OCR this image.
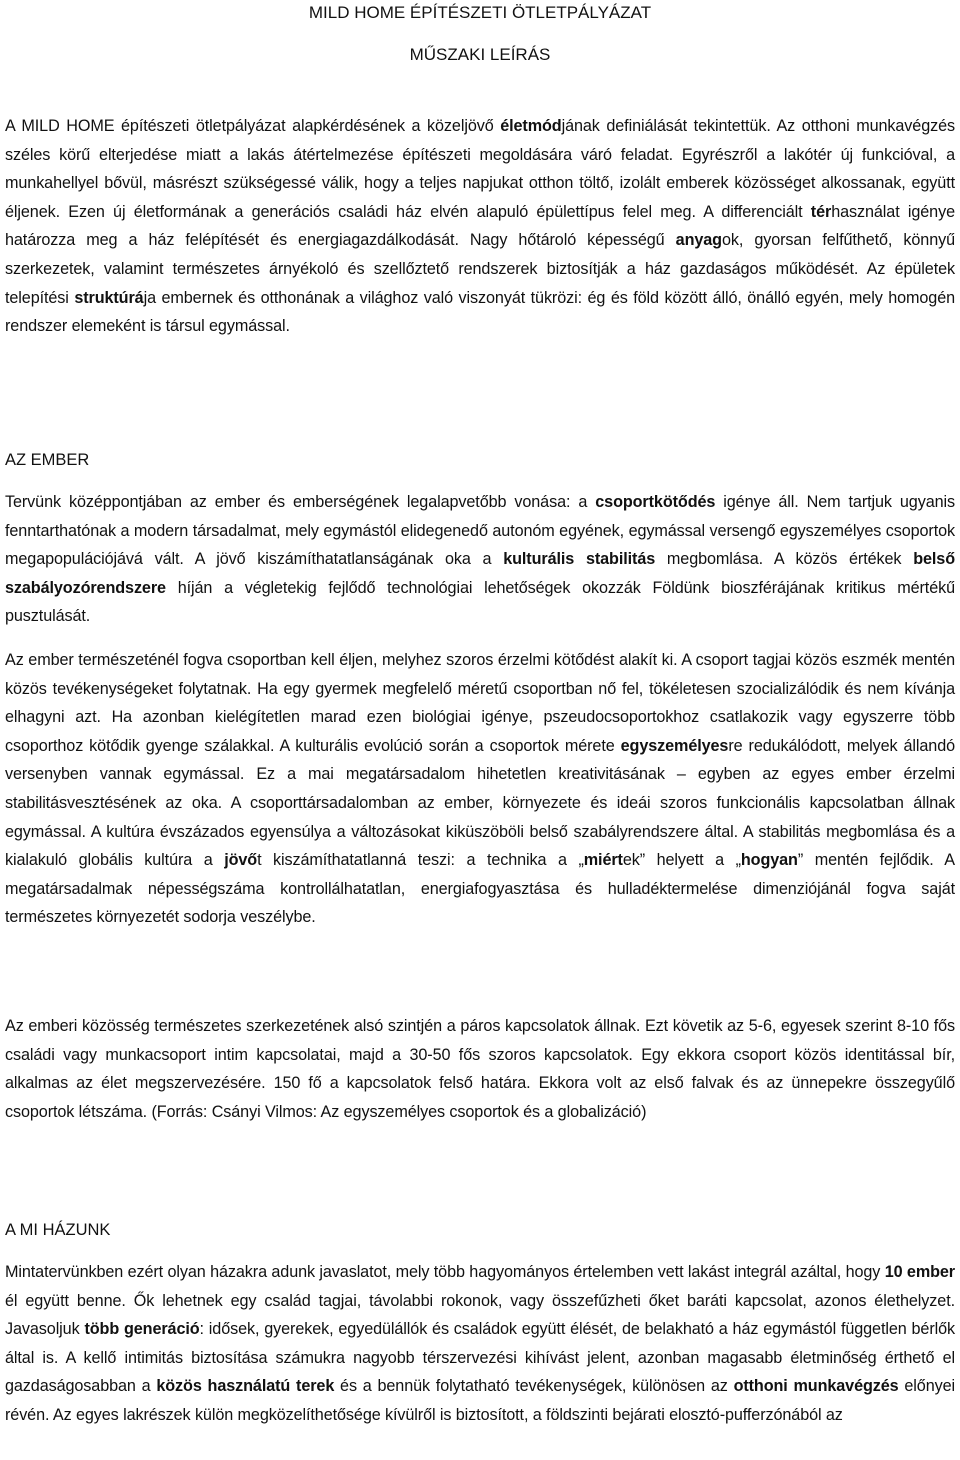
MILD HOME ÉPÍTÉSZETI ÖTLETPÁLYÁZAT
MŰSZAKI LEÍRÁS

A MILD HOME építészeti ötletpályázat alapkérdésének a közeljövő életmódjának definiálását tekintettük. Az otthoni munkavégzés széles körű elterjedése miatt a lakás átértelmezése építészeti megoldására váró feladat. Egyrészről a lakótér új funkcióval, a munkahellyel bővül, másrészt szükségessé válik, hogy a teljes napjukat otthon töltő, izolált emberek közösséget alkossanak, együtt éljenek. Ezen új életformának a generációs családi ház elvén alapuló épülettípus felel meg. A differenciált térhasználat igénye határozza meg a ház felépítését és energiagazdálkodását. Nagy hőtároló képességű anyagok, gyorsan felfűthető, könnyű szerkezetek, valamint természetes árnyékoló és szellőztető rendszerek biztosítják a ház gazdaságos működését. Az épületek telepítési struktúrája embernek és otthonának a világhoz való viszonyát tükrözi: ég és föld között álló, önálló egyén, mely homogén rendszer elemeként is társul egymással.

AZ EMBER

Tervünk középpontjában az ember és emberségének legalapvetőbb vonása: a csoportkötődés igénye áll. Nem tartjuk ugyanis fenntarthatónak a modern társadalmat, mely egymástól elidegenedő autonóm egyének, egymással versengő egyszemélyes csoportok megapopulációjává vált. A jövő kiszámíthatatlanságának oka a kulturális stabilitás megbomlása. A közös értékek belső szabályozórendszere híján a végletekig fejlődő technológiai lehetőségek okozzák Földünk bioszférájának kritikus mértékű pusztulását.

Az ember természeténél fogva csoportban kell éljen, melyhez szoros érzelmi kötődést alakít ki. A csoport tagjai közös eszmék mentén közös tevékenységeket folytatnak. Ha egy gyermek megfelelő méretű csoportban nő fel, tökéletesen szocializálódik és nem kívánja elhagyni azt. Ha azonban kielégítetlen marad ezen biológiai igénye, pszeudocsoportokhoz csatlakozik vagy egyszerre több csoporthoz kötődik gyenge szálakkal. A kulturális evolúció során a csoportok mérete egyszemélyesre redukálódott, melyek állandó versenyben vannak egymással. Ez a mai megatársadalom hihetetlen kreativitásának – egyben az egyes ember érzelmi stabilitásvesztésének az oka. A csoporttársadalomban az ember, környezete és ideái szoros funkcionális kapcsolatban állnak egymással. A kultúra évszázados egyensúlya a változásokat kiküszöböli belső szabályrendszere által. A stabilitás megbomlása és a kialakuló globális kultúra a jövőt kiszámíthatatlanná teszi: a technika a „miértek” helyett a „hogyan” mentén fejlődik. A megatársadalmak népességszáma kontrollálhatatlan, energiafogyasztása és hulladéktermelése dimenziójánál fogva saját természetes környezetét sodorja veszélybe.

Az emberi közösség természetes szerkezetének alsó szintjén a páros kapcsolatok állnak. Ezt követik az 5-6, egyesek szerint 8-10 fős családi vagy munkacsoport intim kapcsolatai, majd a 30-50 fős szoros kapcsolatok. Egy ekkora csoport közös identitással bír, alkalmas az élet megszervezésére. 150 fő a kapcsolatok felső határa. Ekkora volt az első falvak és az ünnepekre összegyűlő csoportok létszáma. (Forrás: Csányi Vilmos: Az egyszemélyes csoportok és a globalizáció)

A MI HÁZUNK

Mintatervünkben ezért olyan házakra adunk javaslatot, mely több hagyományos értelemben vett lakást integrál azáltal, hogy 10 ember él együtt benne. Ők lehetnek egy család tagjai, távolabbi rokonok, vagy összefűzheti őket baráti kapcsolat, azonos élethelyzet. Javasoljuk több generáció: idősek, gyerekek, egyedülállók és családok együtt élését, de belakható a ház egymástól független bérlők által is. A kellő intimitás biztosítása számukra nagyobb térszervezési kihívást jelent, azonban magasabb életminőség érthető el gazdaságosabban a közös használatú terek és a bennük folytatható tevékenységek, különösen az otthoni munkavégzés előnyei révén. Az egyes lakrészek külön megközelíthetősége kívülről is biztosított, a földszinti bejárati elosztó-pufferzónából az
